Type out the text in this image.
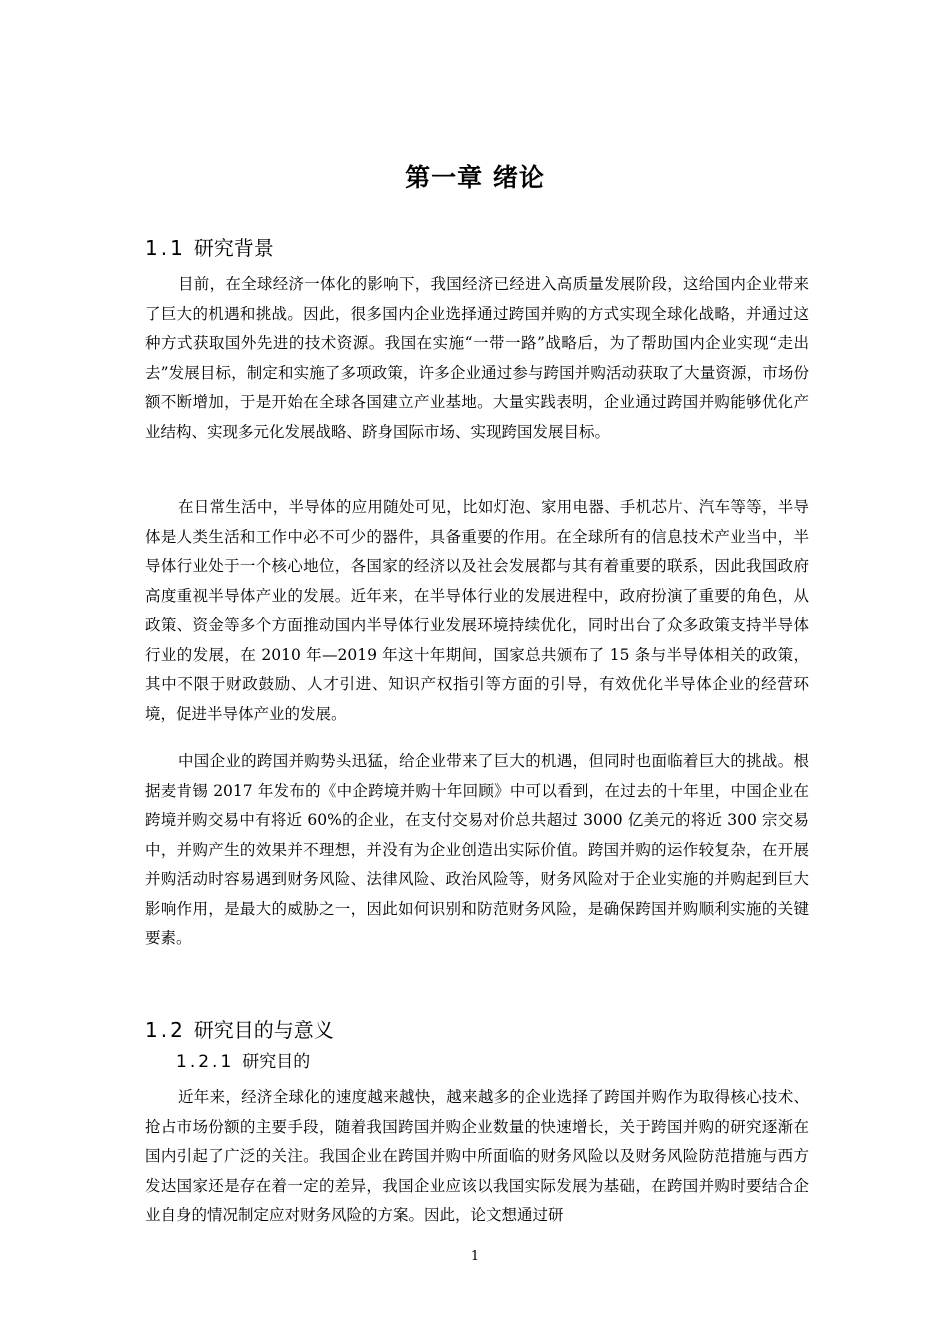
第一章 绪论
1.1 研究背景

目前，在全球经济一体化的影响下，我国经济已经进入高质量发展阶段，这给国内企业带来了巨大的机遇和挑战。因此，很多国内企业选择通过跨国并购的方式实现全球化战略，并通过这种方式获取国外先进的技术资源。我国在实施“一带一路”战略后，为了帮助国内企业实现“走出去”发展目标，制定和实施了多项政策，许多企业通过参与跨国并购活动获取了大量资源，市场份额不断增加，于是开始在全球各国建立产业基地。大量实践表明，企业通过跨国并购能够优化产业结构、实现多元化发展战略、跻身国际市场、实现跨国发展目标。

在日常生活中，半导体的应用随处可见，比如灯泡、家用电器、手机芯片、汽车等等，半导体是人类生活和工作中必不可少的器件，具备重要的作用。在全球所有的信息技术产业当中，半导体行业处于一个核心地位，各国家的经济以及社会发展都与其有着重要的联系，因此我国政府高度重视半导体产业的发展。近年来，在半导体行业的发展进程中，政府扮演了重要的角色，从政策、资金等多个方面推动国内半导体行业发展环境持续优化，同时出台了众多政策支持半导体行业的发展，在 2010 年—2019 年这十年期间，国家总共颁布了 15 条与半导体相关的政策，其中不限于财政鼓励、人才引进、知识产权指引等方面的引导，有效优化半导体企业的经营环境，促进半导体产业的发展。

中国企业的跨国并购势头迅猛，给企业带来了巨大的机遇，但同时也面临着巨大的挑战。根据麦肯锡 2017 年发布的《中企跨境并购十年回顾》中可以看到，在过去的十年里，中国企业在跨境并购交易中有将近 60%的企业，在支付交易对价总共超过 3000 亿美元的将近 300 宗交易中，并购产生的效果并不理想，并没有为企业创造出实际价值。跨国并购的运作较复杂，在开展并购活动时容易遇到财务风险、法律风险、政治风险等，财务风险对于企业实施的并购起到巨大影响作用，是最大的威胁之一，因此如何识别和防范财务风险，是确保跨国并购顺利实施的关键要素。

1.2 研究目的与意义
1.2.1 研究目的

近年来，经济全球化的速度越来越快，越来越多的企业选择了跨国并购作为取得核心技术、抢占市场份额的主要手段，随着我国跨国并购企业数量的快速增长，关于跨国并购的研究逐渐在国内引起了广泛的关注。我国企业在跨国并购中所面临的财务风险以及财务风险防范措施与西方发达国家还是存在着一定的差异，我国企业应该以我国实际发展为基础，在跨国并购时要结合企业自身的情况制定应对财务风险的方案。因此，论文想通过研

1
